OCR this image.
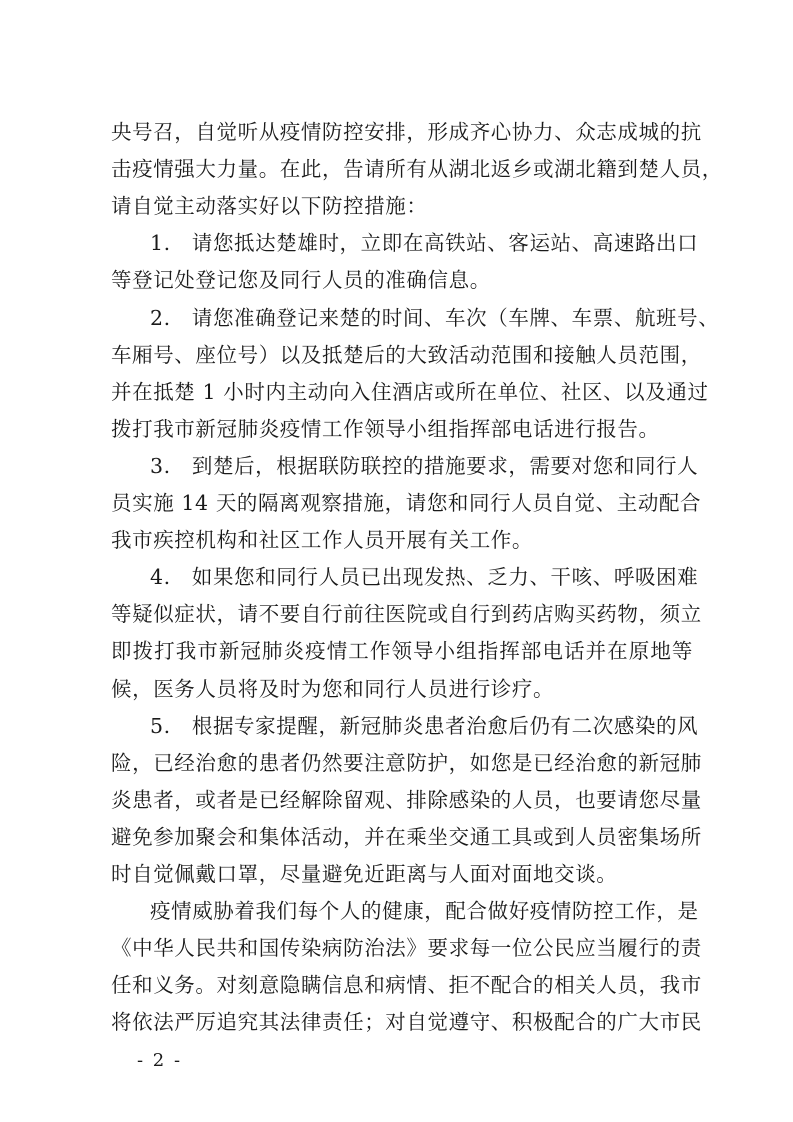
央号召，自觉听从疫情防控安排，形成齐心协力、众志成城的抗
击疫情强大力量。在此，告请所有从湖北返乡或湖北籍到楚人员，
请自觉主动落实好以下防控措施：
1.　请您抵达楚雄时，立即在高铁站、客运站、高速路出口
等登记处登记您及同行人员的准确信息。
2.　请您准确登记来楚的时间、车次（车牌、车票、航班号、
车厢号、座位号）以及抵楚后的大致活动范围和接触人员范围，
并在抵楚 1 小时内主动向入住酒店或所在单位、社区、以及通过
拨打我市新冠肺炎疫情工作领导小组指挥部电话进行报告。
3.　到楚后，根据联防联控的措施要求，需要对您和同行人
员实施 14 天的隔离观察措施，请您和同行人员自觉、主动配合
我市疾控机构和社区工作人员开展有关工作。
4.　如果您和同行人员已出现发热、乏力、干咳、呼吸困难
等疑似症状，请不要自行前往医院或自行到药店购买药物，须立
即拨打我市新冠肺炎疫情工作领导小组指挥部电话并在原地等
候，医务人员将及时为您和同行人员进行诊疗。
5.　根据专家提醒，新冠肺炎患者治愈后仍有二次感染的风
险，已经治愈的患者仍然要注意防护，如您是已经治愈的新冠肺
炎患者，或者是已经解除留观、排除感染的人员，也要请您尽量
避免参加聚会和集体活动，并在乘坐交通工具或到人员密集场所
时自觉佩戴口罩，尽量避免近距离与人面对面地交谈。
疫情威胁着我们每个人的健康，配合做好疫情防控工作，是
《中华人民共和国传染病防治法》要求每一位公民应当履行的责
任和义务。对刻意隐瞒信息和病情、拒不配合的相关人员，我市
将依法严厉追究其法律责任；对自觉遵守、积极配合的广大市民
- 2 -
